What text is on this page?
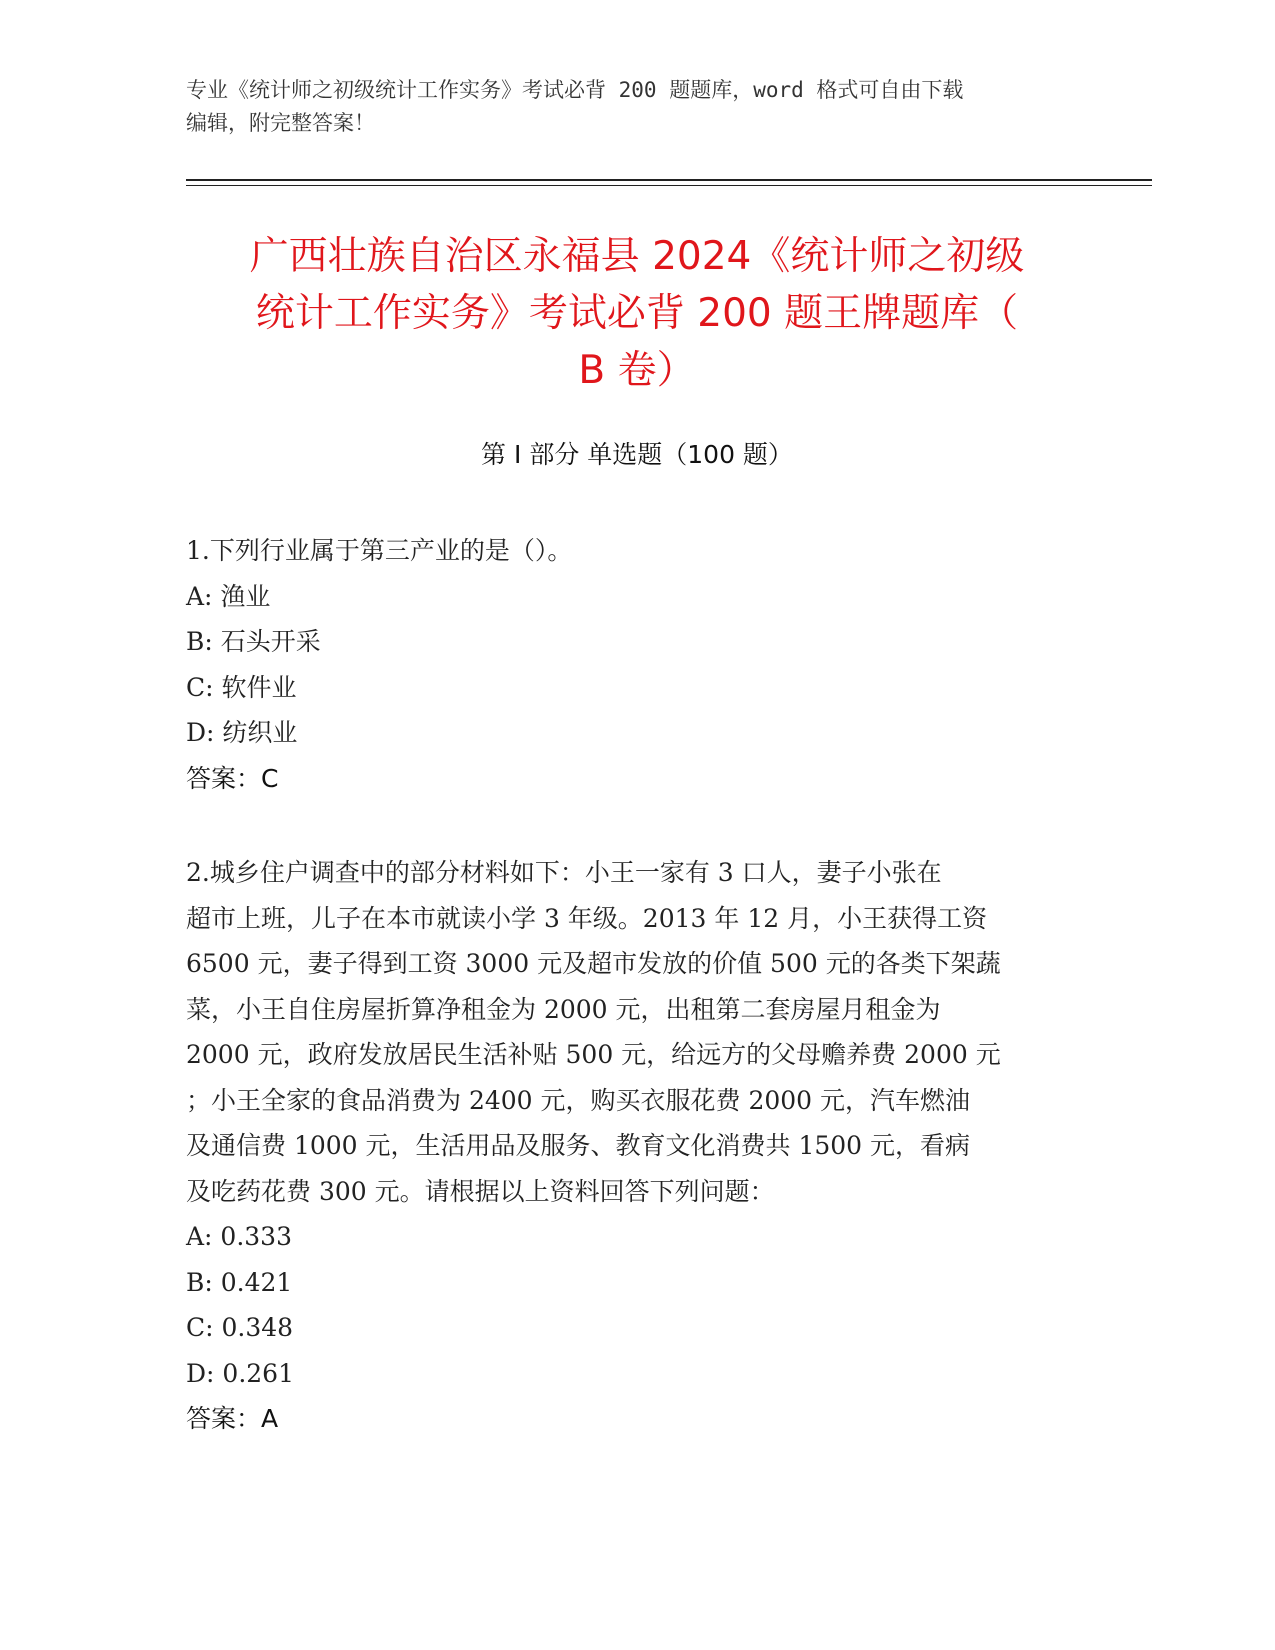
专业《统计师之初级统计工作实务》考试必背 200 题题库，word 格式可自由下载
编辑，附完整答案！
广西壮族自治区永福县 2024《统计师之初级
统计工作实务》考试必背 200 题王牌题库（
B 卷）
第 I 部分 单选题（100 题）
1.下列行业属于第三产业的是（）。
A: 渔业
B: 石头开采
C: 软件业
D: 纺织业
答案：C
2.城乡住户调查中的部分材料如下：小王一家有 3 口人，妻子小张在
超市上班，儿子在本市就读小学 3 年级。2013 年 12 月，小王获得工资
6500 元，妻子得到工资 3000 元及超市发放的价值 500 元的各类下架蔬
菜，小王自住房屋折算净租金为 2000 元，出租第二套房屋月租金为
2000 元，政府发放居民生活补贴 500 元，给远方的父母赡养费 2000 元
；小王全家的食品消费为 2400 元，购买衣服花费 2000 元，汽车燃油
及通信费 1000 元，生活用品及服务、教育文化消费共 1500 元，看病
及吃药花费 300 元。请根据以上资料回答下列问题：
A: 0.333
B: 0.421
C: 0.348
D: 0.261
答案：A
